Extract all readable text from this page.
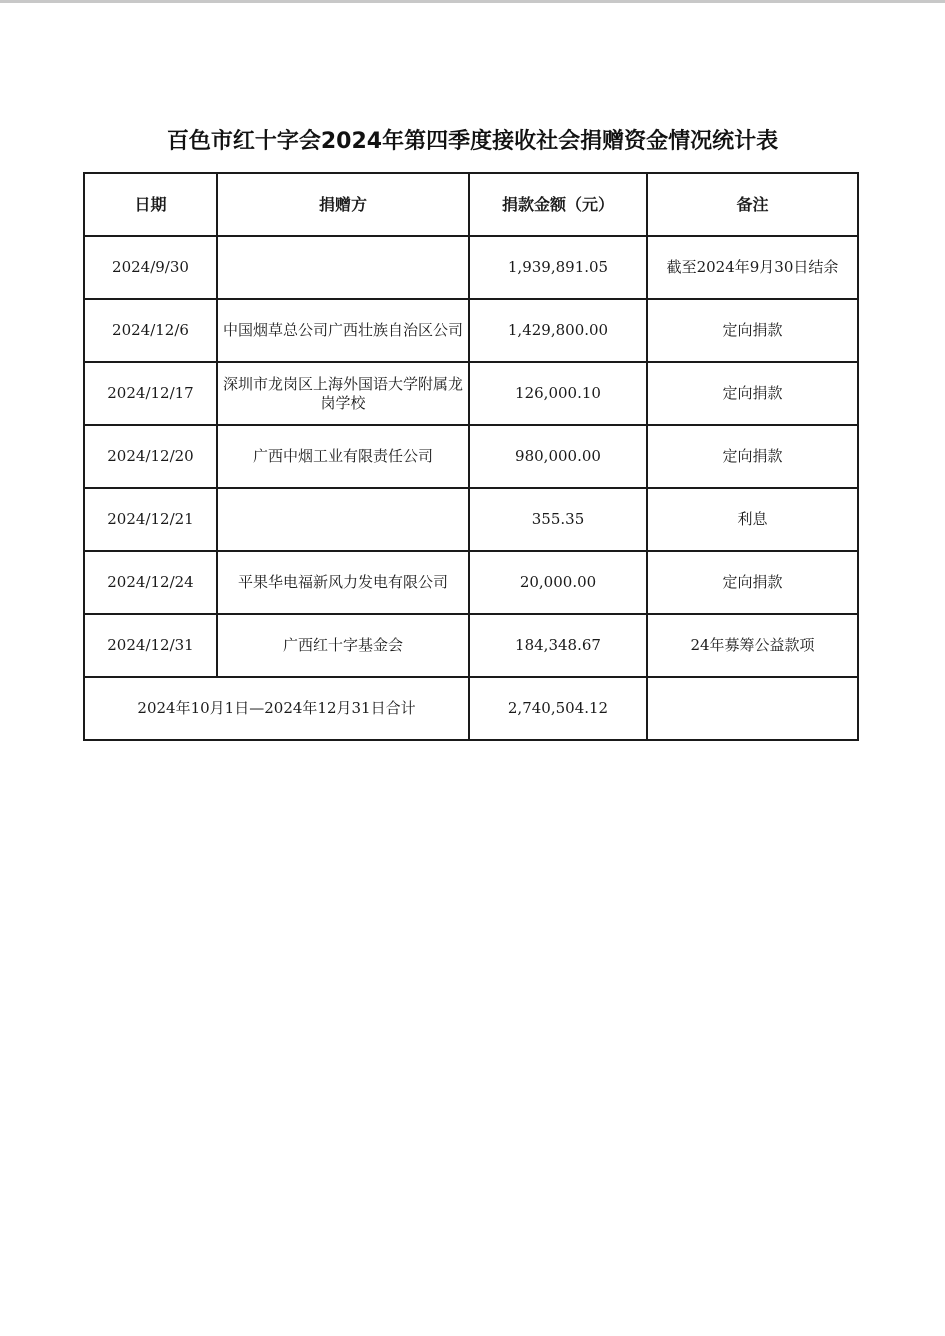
百色市红十字会2024年第四季度接收社会捐赠资金情况统计表
日期	捐赠方	捐款金额（元）	备注
2024/9/30		1,939,891.05	截至2024年9月30日结余
2024/12/6	中国烟草总公司广西壮族自治区公司	1,429,800.00	定向捐款
2024/12/17	深圳市龙岗区上海外国语大学附属龙岗学校	126,000.10	定向捐款
2024/12/20	广西中烟工业有限责任公司	980,000.00	定向捐款
2024/12/21		355.35	利息
2024/12/24	平果华电福新风力发电有限公司	20,000.00	定向捐款
2024/12/31	广西红十字基金会	184,348.67	24年募筹公益款项
2024年10月1日—2024年12月31日合计		2,740,504.12	
